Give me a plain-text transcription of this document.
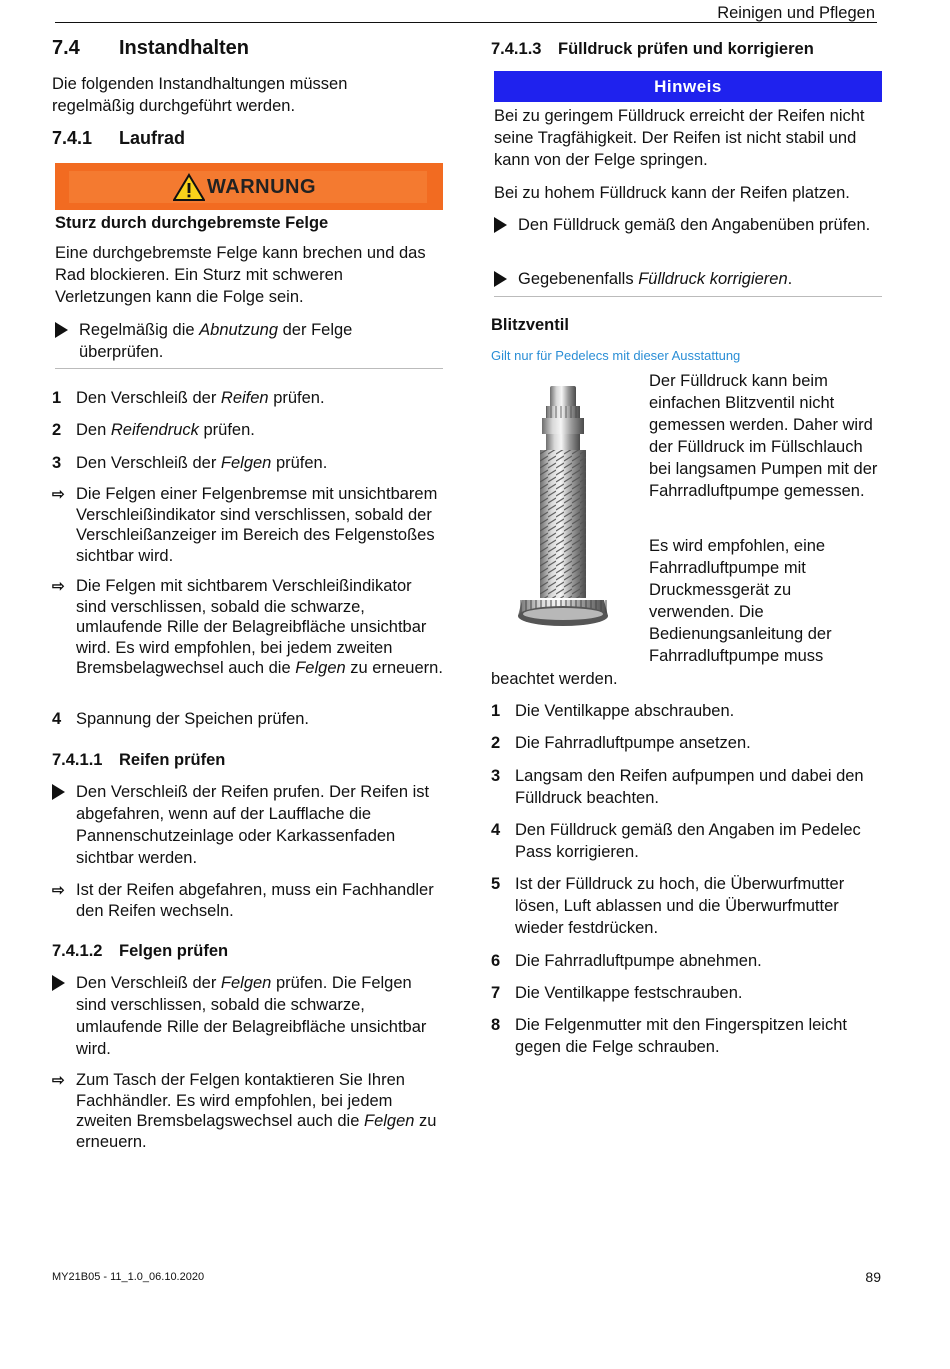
Reinigen und Pflegen
7.4 Instandhalten
Die folgenden Instandhaltungen müssen regelmäßig durchgeführt werden.
7.4.1 Laufrad
WARNUNG
Sturz durch durchgebremste Felge
Eine durchgebremste Felge kann brechen und das Rad blockieren. Ein Sturz mit schweren Verletzungen kann die Folge sein.
Regelmäßig die Abnutzung der Felge überprüfen.
1 Den Verschleiß der Reifen prüfen.
2 Den Reifendruck prüfen.
3 Den Verschleiß der Felgen prüfen.
⇨ Die Felgen einer Felgenbremse mit unsichtbarem Verschleißindikator sind verschlissen, sobald der Verschleißanzeiger im Bereich des Felgenstoßes sichtbar wird.
⇨ Die Felgen mit sichtbarem Verschleißindikator sind verschlissen, sobald die schwarze, umlaufende Rille der Belagreibfläche unsichtbar wird. Es wird empfohlen, bei jedem zweiten Bremsbelagwechsel auch die Felgen zu erneuern.
4 Spannung der Speichen prüfen.
7.4.1.1 Reifen prüfen
Den Verschleiß der Reifen prufen. Der Reifen ist abgefahren, wenn auf der Laufflache die Pannenschutzeinlage oder Karkassenfaden sichtbar werden.
⇨ Ist der Reifen abgefahren, muss ein Fachhandler den Reifen wechseln.
7.4.1.2 Felgen prüfen
Den Verschleiß der Felgen prüfen. Die Felgen sind verschlissen, sobald die schwarze, umlaufende Rille der Belagreibfläche unsichtbar wird.
⇨ Zum Tasch der Felgen kontaktieren Sie Ihren Fachhändler. Es wird empfohlen, bei jedem zweiten Bremsbelagswechsel auch die Felgen zu erneuern.
7.4.1.3 Fülldruck prüfen und korrigieren
Hinweis
Bei zu geringem Fülldruck erreicht der Reifen nicht seine Tragfähigkeit. Der Reifen ist nicht stabil und kann von der Felge springen.
Bei zu hohem Fülldruck kann der Reifen platzen.
Den Fülldruck gemäß den Angabenüben prüfen.
Gegebenenfalls Fülldruck korrigieren.
Blitzventil
Gilt nur für Pedelecs mit dieser Ausstattung
Der Fülldruck kann beim einfachen Blitzventil nicht gemessen werden. Daher wird der Fülldruck im Füllschlauch bei langsamen Pumpen mit der Fahrradluftpumpe gemessen.
Es wird empfohlen, eine Fahrradluftpumpe mit Druckmessgerät zu verwenden. Die Bedienungsanleitung der Fahrradluftpumpe muss
beachtet werden.
1 Die Ventilkappe abschrauben.
2 Die Fahrradluftpumpe ansetzen.
3 Langsam den Reifen aufpumpen und dabei den Fülldruck beachten.
4 Den Fülldruck gemäß den Angaben im Pedelec Pass korrigieren.
5 Ist der Fülldruck zu hoch, die Überwurfmutter lösen, Luft ablassen und die Überwurfmutter wieder festdrücken.
6 Die Fahrradluftpumpe abnehmen.
7 Die Ventilkappe festschrauben.
8 Die Felgenmutter mit den Fingerspitzen leicht gegen die Felge schrauben.
MY21B05 - 11_1.0_06.10.2020	89
